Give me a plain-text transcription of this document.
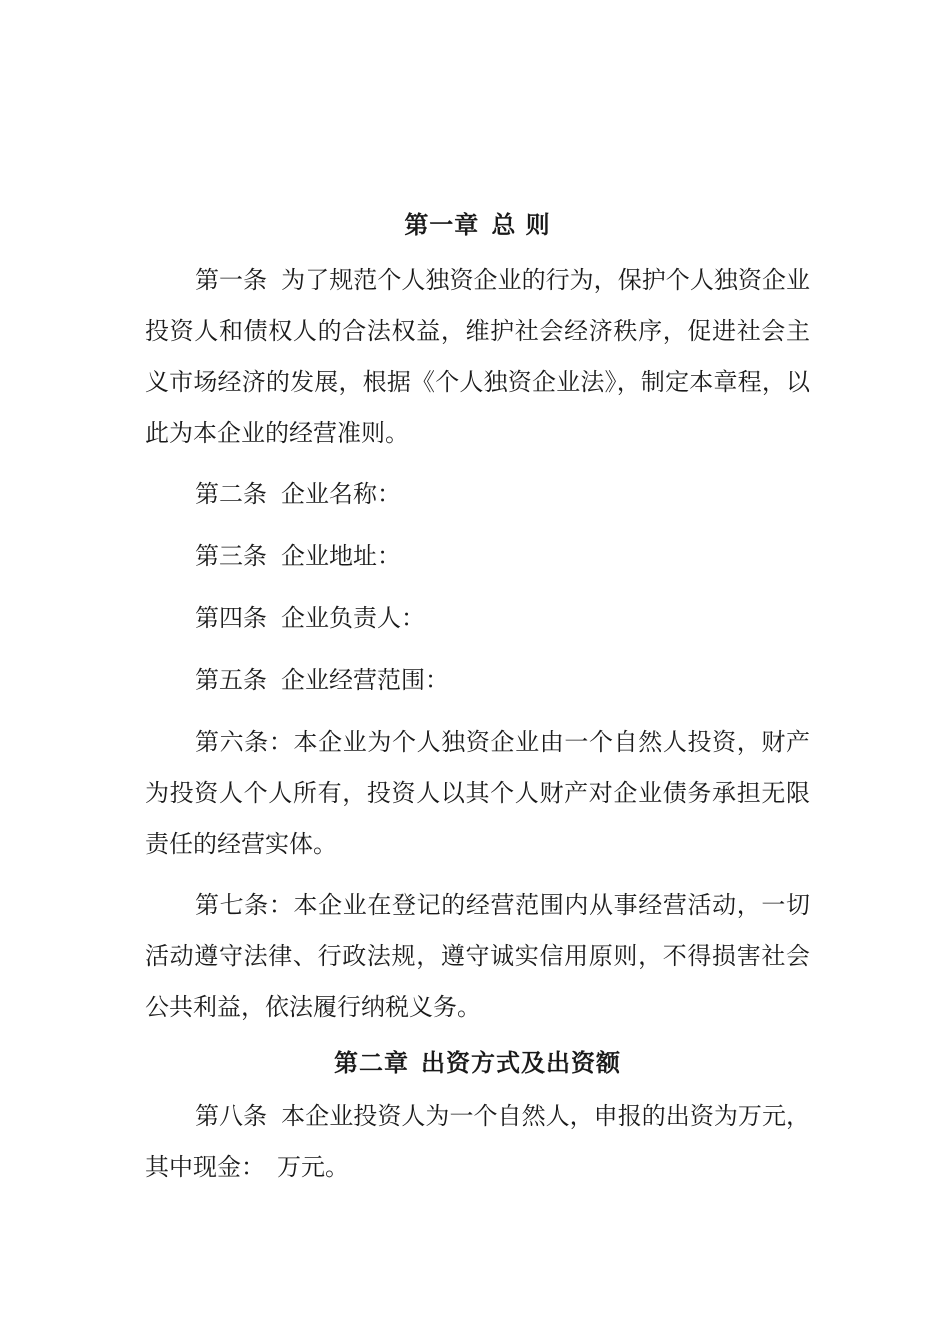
第一章 总 则

第一条 为了规范个人独资企业的行为，保护个人独资企业投资人和债权人的合法权益，维护社会经济秩序，促进社会主义市场经济的发展，根据《个人独资企业法》，制定本章程，以此为本企业的经营准则。

第二条 企业名称：

第三条 企业地址：

第四条 企业负责人：

第五条 企业经营范围：

第六条：本企业为个人独资企业由一个自然人投资，财产为投资人个人所有，投资人以其个人财产对企业债务承担无限责任的经营实体。

第七条：本企业在登记的经营范围内从事经营活动，一切活动遵守法律、行政法规，遵守诚实信用原则，不得损害社会公共利益，依法履行纳税义务。

第二章 出资方式及出资额

第八条 本企业投资人为一个自然人，申报的出资为万元，其中现金：　万元。
